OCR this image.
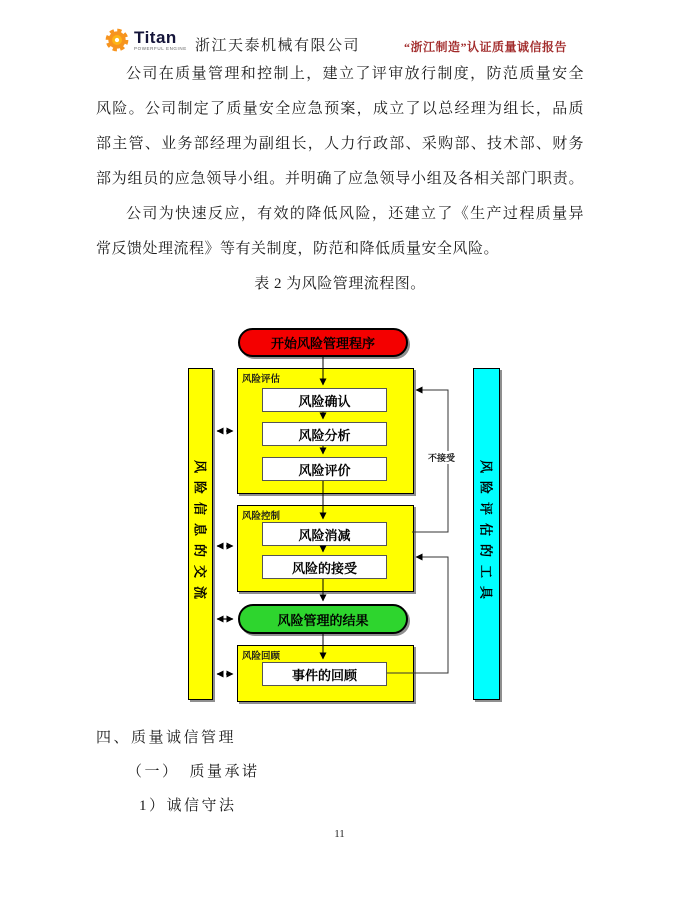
Titan
POWERFUL ENGINE 浙江天泰机械有限公司	“浙江制造”认证质量诚信报告
公司在质量管理和控制上，建立了评审放行制度，防范质量安全
风险。公司制定了质量安全应急预案，成立了以总经理为组长，品质
部主管、业务部经理为副组长，人力行政部、采购部、技术部、财务
部为组员的应急领导小组。并明确了应急领导小组及各相关部门职责。
公司为快速反应，有效的降低风险，还建立了《生产过程质量异
常反馈处理流程》等有关制度，防范和降低质量安全风险。
表 2 为风险管理流程图。
开始风险管理程序
风险评估
风险确认
风险分析
风险评价
风险控制
风险消减
风险的接受
风险管理的结果
风险回顾
事件的回顾
风险信息的交流	风险评估的工具
不接受
四、质量诚信管理
（一）　质量承诺
1）诚信守法
11
